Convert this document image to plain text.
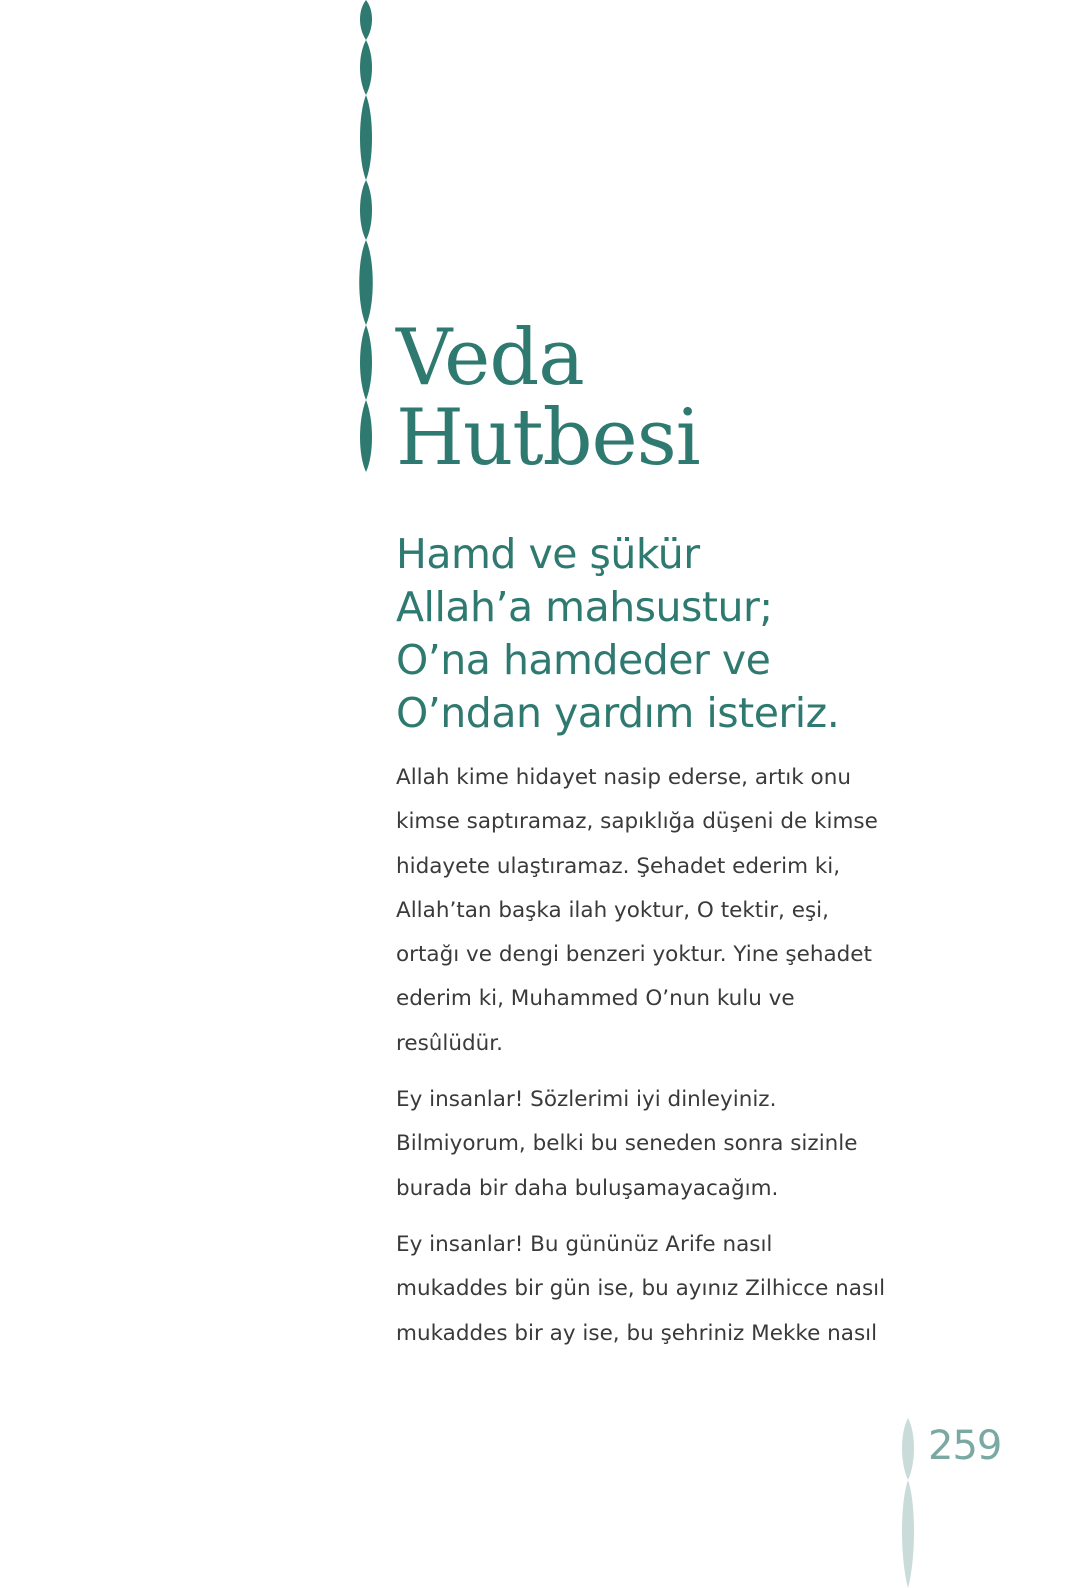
Veda
Hutbesi
Hamd ve şükür
Allah’a mahsustur;
O’na hamdeder ve
O’ndan yardım isteriz.

Allah kime hidayet nasip ederse, artık onu
kimse saptıramaz, sapıklığa düşeni de kimse
hidayete ulaştıramaz. Şehadet ederim ki,
Allah’tan başka ilah yoktur, O tektir, eşi,
ortağı ve dengi benzeri yoktur. Yine şehadet
ederim ki, Muhammed O’nun kulu ve
resûlüdür.

Ey insanlar! Sözlerimi iyi dinleyiniz.
Bilmiyorum, belki bu seneden sonra sizinle
burada bir daha buluşamayacağım.

Ey insanlar! Bu gününüz Arife nasıl
mukaddes bir gün ise, bu ayınız Zilhicce nasıl
mukaddes bir ay ise, bu şehriniz Mekke nasıl

259
